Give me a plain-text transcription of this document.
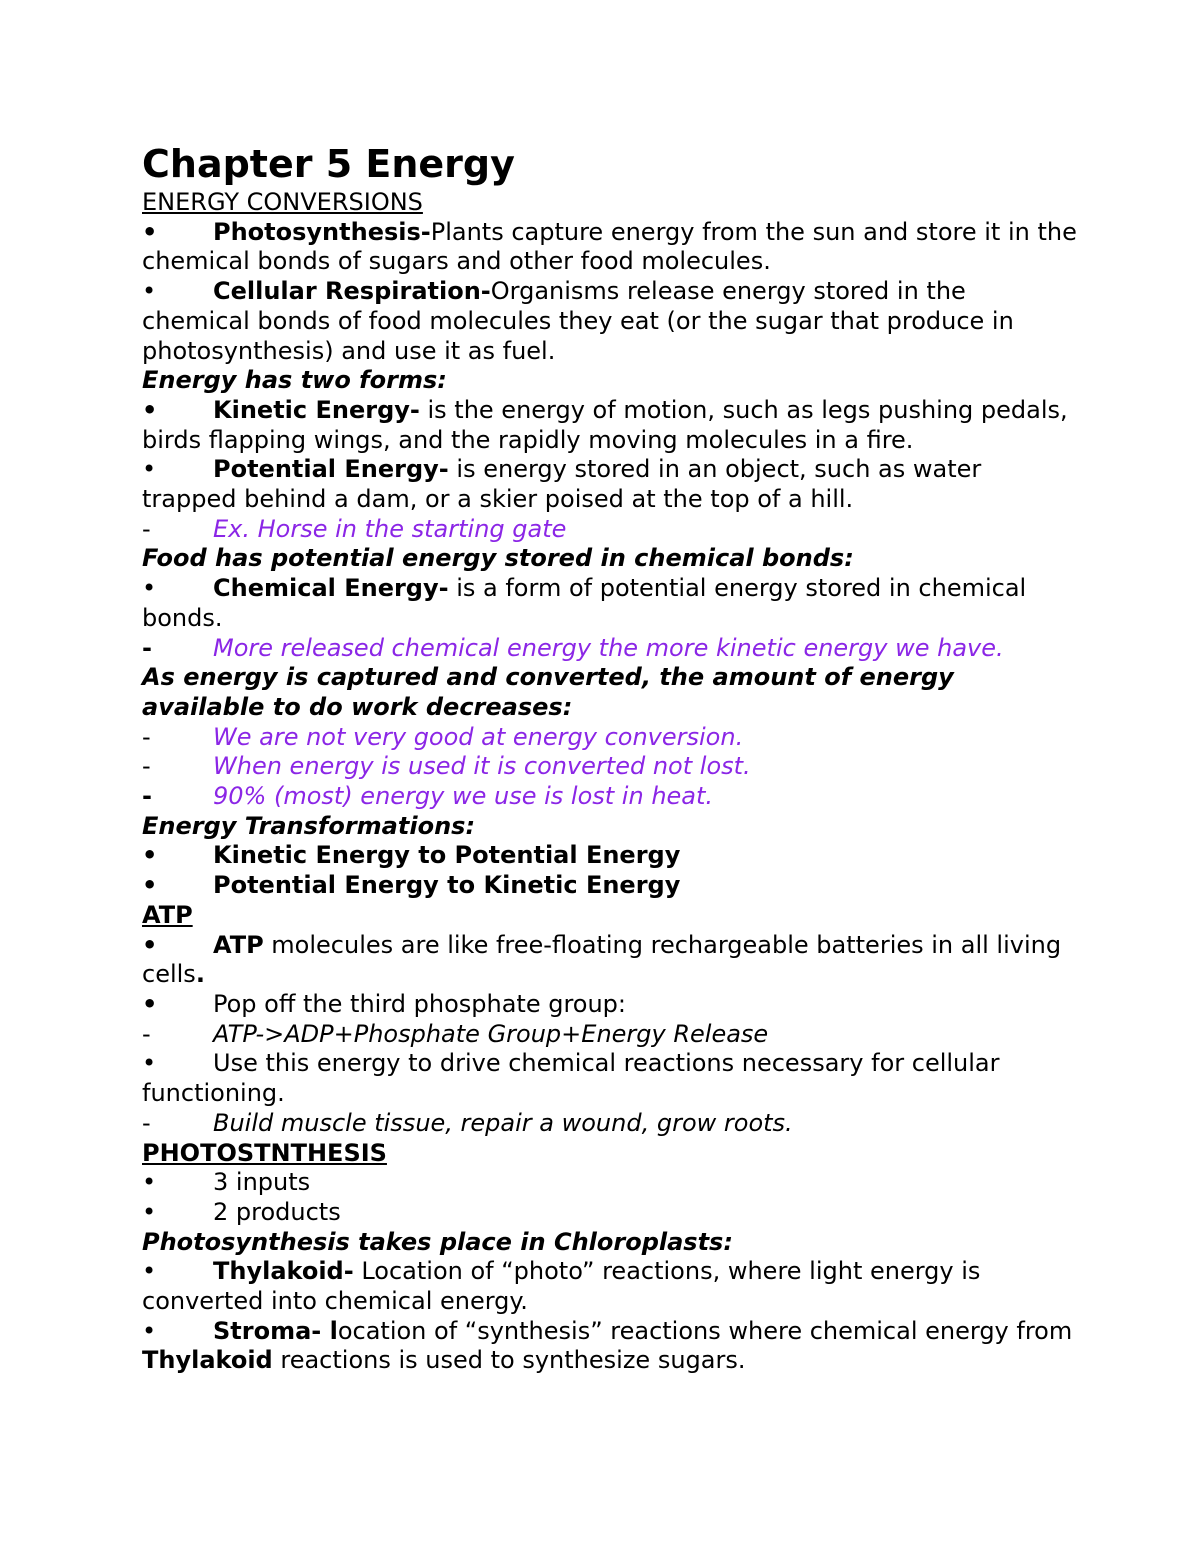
Chapter 5 Energy
ENERGY CONVERSIONS
• Photosynthesis-Plants capture energy from the sun and store it in the chemical bonds of sugars and other food molecules.
• Cellular Respiration-Organisms release energy stored in the chemical bonds of food molecules they eat (or the sugar that produce in photosynthesis) and use it as fuel.
Energy has two forms:
• Kinetic Energy- is the energy of motion, such as legs pushing pedals, birds flapping wings, and the rapidly moving molecules in a fire.
• Potential Energy- is energy stored in an object, such as water trapped behind a dam, or a skier poised at the top of a hill.
-	Ex. Horse in the starting gate
Food has potential energy stored in chemical bonds:
• Chemical Energy- is a form of potential energy stored in chemical bonds.
-	More released chemical energy the more kinetic energy we have.
As energy is captured and converted, the amount of energy available to do work decreases:
-	We are not very good at energy conversion.
-	When energy is used it is converted not lost.
-	90% (most) energy we use is lost in heat.
Energy Transformations:
• Kinetic Energy to Potential Energy
• Potential Energy to Kinetic Energy
ATP
• ATP molecules are like free-floating rechargeable batteries in all living cells.
• Pop off the third phosphate group:
-	ATP->ADP+Phosphate Group+Energy Release
• Use this energy to drive chemical reactions necessary for cellular functioning.
-	Build muscle tissue, repair a wound, grow roots.
PHOTOSTNTHESIS
• 3 inputs
• 2 products
Photosynthesis takes place in Chloroplasts:
• Thylakoid- Location of “photo” reactions, where light energy is converted into chemical energy.
• Stroma- location of “synthesis” reactions where chemical energy from Thylakoid reactions is used to synthesize sugars.
